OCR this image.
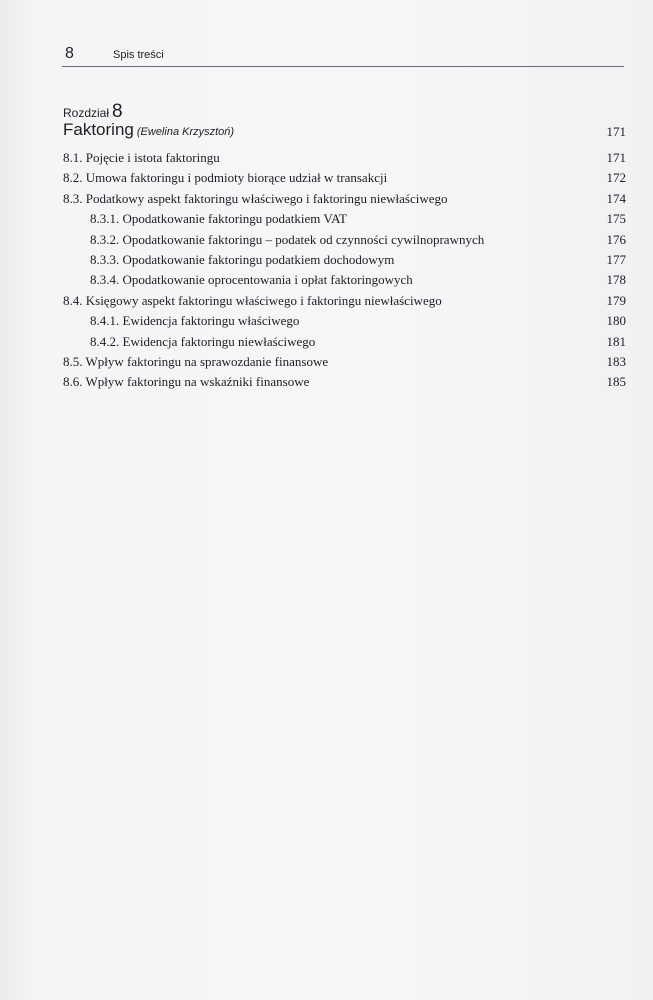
8	Spis treści
Rozdział 8
Faktoring (Ewelina Krzysztoń)	171
8.1. Pojęcie i istota faktoringu	171
8.2. Umowa faktoringu i podmioty biorące udział w transakcji	172
8.3. Podatkowy aspekt faktoringu właściwego i faktoringu niewłaściwego	174
8.3.1. Opodatkowanie faktoringu podatkiem VAT	175
8.3.2. Opodatkowanie faktoringu – podatek od czynności cywilnoprawnych	176
8.3.3. Opodatkowanie faktoringu podatkiem dochodowym	177
8.3.4. Opodatkowanie oprocentowania i opłat faktoringowych	178
8.4. Księgowy aspekt faktoringu właściwego i faktoringu niewłaściwego	179
8.4.1. Ewidencja faktoringu właściwego	180
8.4.2. Ewidencja faktoringu niewłaściwego	181
8.5. Wpływ faktoringu na sprawozdanie finansowe	183
8.6. Wpływ faktoringu na wskaźniki finansowe	185
